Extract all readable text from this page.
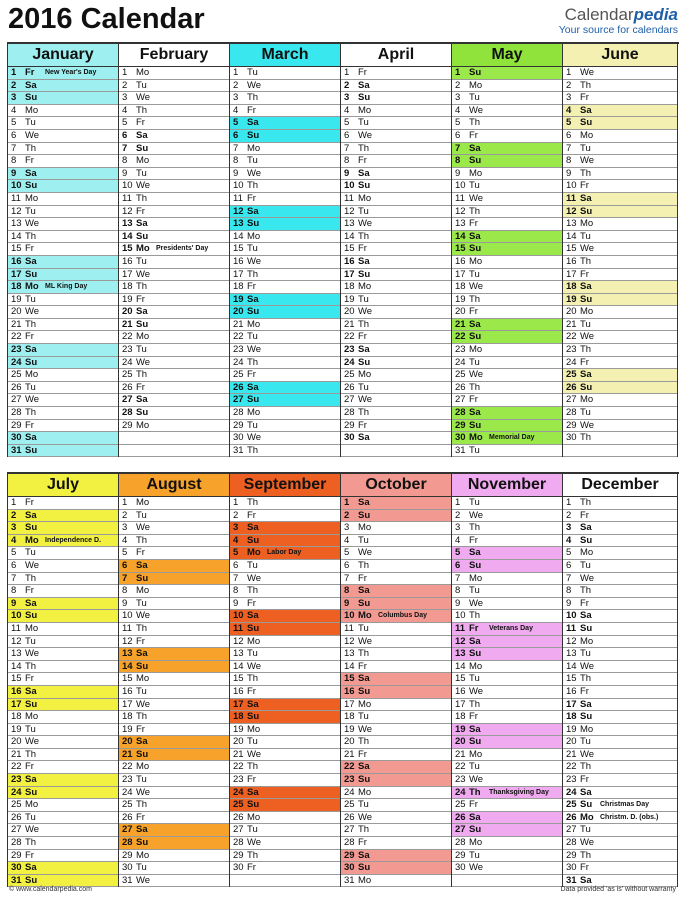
2016 Calendar	Calendarpedia
Your source for calendars
January
1 Fr New Year's Day
2 Sa
3 Su
4 Mo
5 Tu
6 We
7 Th
8 Fr
9 Sa
10 Su
11 Mo
12 Tu
13 We
14 Th
15 Fr
16 Sa
17 Su
18 Mo ML King Day
19 Tu
20 We
21 Th
22 Fr
23 Sa
24 Su
25 Mo
26 Tu
27 We
28 Th
29 Fr
30 Sa
31 Su
February
1 Mo
2 Tu
3 We
4 Th
5 Fr
6 Sa
7 Su
8 Mo
9 Tu
10 We
11 Th
12 Fr
13 Sa
14 Su
15 Mo Presidents' Day
16 Tu
17 We
18 Th
19 Fr
20 Sa
21 Su
22 Mo
23 Tu
24 We
25 Th
26 Fr
27 Sa
28 Su
29 Mo
March
1 Tu
2 We
3 Th
4 Fr
5 Sa
6 Su
7 Mo
8 Tu
9 We
10 Th
11 Fr
12 Sa
13 Su
14 Mo
15 Tu
16 We
17 Th
18 Fr
19 Sa
20 Su
21 Mo
22 Tu
23 We
24 Th
25 Fr
26 Sa
27 Su
28 Mo
29 Tu
30 We
31 Th
April
1 Fr
2 Sa
3 Su
4 Mo
5 Tu
6 We
7 Th
8 Fr
9 Sa
10 Su
11 Mo
12 Tu
13 We
14 Th
15 Fr
16 Sa
17 Su
18 Mo
19 Tu
20 We
21 Th
22 Fr
23 Sa
24 Su
25 Mo
26 Tu
27 We
28 Th
29 Fr
30 Sa
May
1 Su
2 Mo
3 Tu
4 We
5 Th
6 Fr
7 Sa
8 Su
9 Mo
10 Tu
11 We
12 Th
13 Fr
14 Sa
15 Su
16 Mo
17 Tu
18 We
19 Th
20 Fr
21 Sa
22 Su
23 Mo
24 Tu
25 We
26 Th
27 Fr
28 Sa
29 Su
30 Mo Memorial Day
31 Tu
June
1 We
2 Th
3 Fr
4 Sa
5 Su
6 Mo
7 Tu
8 We
9 Th
10 Fr
11 Sa
12 Su
13 Mo
14 Tu
15 We
16 Th
17 Fr
18 Sa
19 Su
20 Mo
21 Tu
22 We
23 Th
24 Fr
25 Sa
26 Su
27 Mo
28 Tu
29 We
30 Th
July
1 Fr
2 Sa
3 Su
4 Mo Independence D.
5 Tu
6 We
7 Th
8 Fr
9 Sa
10 Su
11 Mo
12 Tu
13 We
14 Th
15 Fr
16 Sa
17 Su
18 Mo
19 Tu
20 We
21 Th
22 Fr
23 Sa
24 Su
25 Mo
26 Tu
27 We
28 Th
29 Fr
30 Sa
31 Su
August
1 Mo
2 Tu
3 We
4 Th
5 Fr
6 Sa
7 Su
8 Mo
9 Tu
10 We
11 Th
12 Fr
13 Sa
14 Su
15 Mo
16 Tu
17 We
18 Th
19 Fr
20 Sa
21 Su
22 Mo
23 Tu
24 We
25 Th
26 Fr
27 Sa
28 Su
29 Mo
30 Tu
31 We
September
1 Th
2 Fr
3 Sa
4 Su
5 Mo Labor Day
6 Tu
7 We
8 Th
9 Fr
10 Sa
11 Su
12 Mo
13 Tu
14 We
15 Th
16 Fr
17 Sa
18 Su
19 Mo
20 Tu
21 We
22 Th
23 Fr
24 Sa
25 Su
26 Mo
27 Tu
28 We
29 Th
30 Fr
October
1 Sa
2 Su
3 Mo
4 Tu
5 We
6 Th
7 Fr
8 Sa
9 Su
10 Mo Columbus Day
11 Tu
12 We
13 Th
14 Fr
15 Sa
16 Su
17 Mo
18 Tu
19 We
20 Th
21 Fr
22 Sa
23 Su
24 Mo
25 Tu
26 We
27 Th
28 Fr
29 Sa
30 Su
31 Mo
November
1 Tu
2 We
3 Th
4 Fr
5 Sa
6 Su
7 Mo
8 Tu
9 We
10 Th
11 Fr Veterans Day
12 Sa
13 Su
14 Mo
15 Tu
16 We
17 Th
18 Fr
19 Sa
20 Su
21 Mo
22 Tu
23 We
24 Th Thanksgiving Day
25 Fr
26 Sa
27 Su
28 Mo
29 Tu
30 We
December
1 Th
2 Fr
3 Sa
4 Su
5 Mo
6 Tu
7 We
8 Th
9 Fr
10 Sa
11 Su
12 Mo
13 Tu
14 We
15 Th
16 Fr
17 Sa
18 Su
19 Mo
20 Tu
21 We
22 Th
23 Fr
24 Sa
25 Su Christmas Day
26 Mo Christm. D. (obs.)
27 Tu
28 We
29 Th
30 Fr
31 Sa
© www.calendarpedia.com	Data provided 'as is' without warranty
